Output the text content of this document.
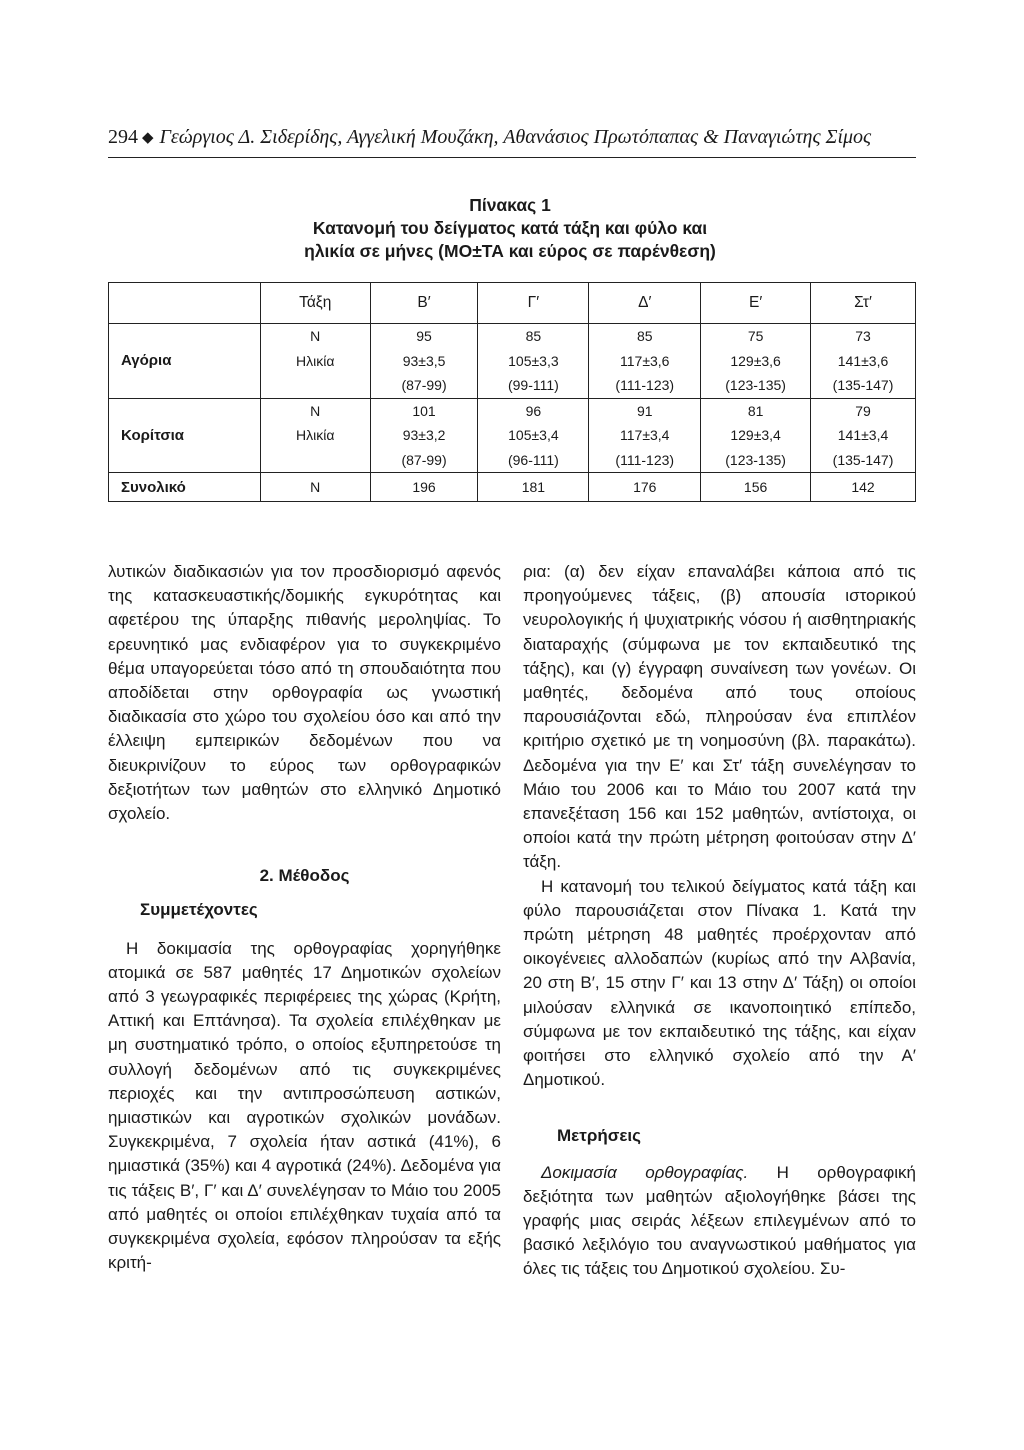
294 ◆ Γεώργιος Δ. Σιδερίδης, Αγγελική Μουζάκη, Αθανάσιος Πρωτόπαπας & Παναγιώτης Σίμος
Πίνακας 1
Κατανομή του δείγματος κατά τάξη και φύλο και
ηλικία σε μήνες (ΜΟ±ΤΑ και εύρος σε παρένθεση)
	Τάξη	Β′	Γ′	Δ′	Ε′	Στ′
	Ν	95	85	85	75	73
Αγόρια	Ηλικία	93±3,5	105±3,3	117±3,6	129±3,6	141±3,6
		(87-99)	(99-111)	(111-123)	(123-135)	(135-147)
	Ν	101	96	91	81	79
Κορίτσια	Ηλικία	93±3,2	105±3,4	117±3,4	129±3,4	141±3,4
		(87-99)	(96-111)	(111-123)	(123-135)	(135-147)
Συνολικό	Ν	196	181	176	156	142

λυτικών διαδικασιών για τον προσδιορισμό αφενός της κατασκευαστικής/δομικής εγκυρότητας και αφετέρου της ύπαρξης πιθανής μεροληψίας. Το ερευνητικό μας ενδιαφέρον για το συγκεκριμένο θέμα υπαγορεύεται τόσο από τη σπουδαιότητα που αποδίδεται στην ορθογραφία ως γνωστική διαδικασία στο χώρο του σχολείου όσο και από την έλλειψη εμπειρικών δεδομένων που να διευκρινίζουν το εύρος των ορθογραφικών δεξιοτήτων των μαθητών στο ελληνικό Δημοτικό σχολείο.

2. Μέθοδος
Συμμετέχοντες

Η δοκιμασία της ορθογραφίας χορηγήθηκε ατομικά σε 587 μαθητές 17 Δημοτικών σχολείων από 3 γεωγραφικές περιφέρειες της χώρας (Κρήτη, Αττική και Επτάνησα). Τα σχολεία επιλέχθηκαν με μη συστηματικό τρόπο, ο οποίος εξυπηρετούσε τη συλλογή δεδομένων από τις συγκεκριμένες περιοχές και την αντιπροσώπευση αστικών, ημιαστικών και αγροτικών σχολικών μονάδων. Συγκεκριμένα, 7 σχολεία ήταν αστικά (41%), 6 ημιαστικά (35%) και 4 αγροτικά (24%). Δεδομένα για τις τάξεις Β′, Γ′ και Δ′ συνελέγησαν το Μάιο του 2005 από μαθητές οι οποίοι επιλέχθηκαν τυχαία από τα συγκεκριμένα σχολεία, εφόσον πληρούσαν τα εξής κριτή-

ρια: (α) δεν είχαν επαναλάβει κάποια από τις προηγούμενες τάξεις, (β) απουσία ιστορικού νευρολογικής ή ψυχιατρικής νόσου ή αισθητηριακής διαταραχής (σύμφωνα με τον εκπαιδευτικό της τάξης), και (γ) έγγραφη συναίνεση των γονέων. Οι μαθητές, δεδομένα από τους οποίους παρουσιάζονται εδώ, πληρούσαν ένα επιπλέον κριτήριο σχετικό με τη νοημοσύνη (βλ. παρακάτω). Δεδομένα για την Ε′ και Στ′ τάξη συνελέγησαν το Μάιο του 2006 και το Μάιο του 2007 κατά την επανεξέταση 156 και 152 μαθητών, αντίστοιχα, οι οποίοι κατά την πρώτη μέτρηση φοιτούσαν στην Δ′ τάξη.

Η κατανομή του τελικού δείγματος κατά τάξη και φύλο παρουσιάζεται στον Πίνακα 1. Κατά την πρώτη μέτρηση 48 μαθητές προέρχονταν από οικογένειες αλλοδαπών (κυρίως από την Αλβανία, 20 στη Β′, 15 στην Γ′ και 13 στην Δ′ Τάξη) οι οποίοι μιλούσαν ελληνικά σε ικανοποιητικό επίπεδο, σύμφωνα με τον εκπαιδευτικό της τάξης, και είχαν φοιτήσει στο ελληνικό σχολείο από την Α′ Δημοτικού.

Μετρήσεις

Δοκιμασία ορθογραφίας. Η ορθογραφική δεξιότητα των μαθητών αξιολογήθηκε βάσει της γραφής μιας σειράς λέξεων επιλεγμένων από το βασικό λεξιλόγιο του αναγνωστικού μαθήματος για όλες τις τάξεις του Δημοτικού σχολείου. Συ-
